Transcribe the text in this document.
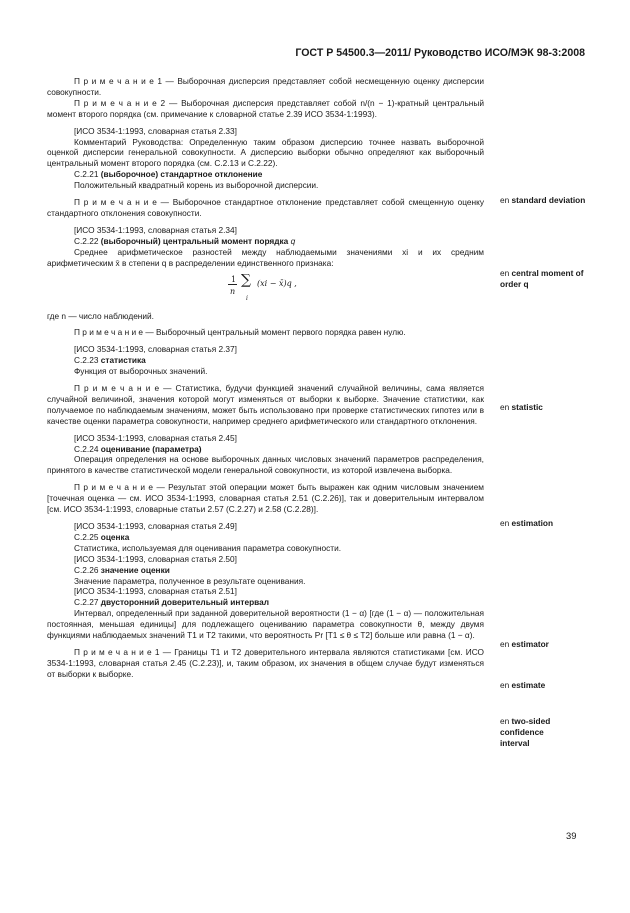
ГОСТ Р 54500.3—2011/ Руководство ИСО/МЭК 98-3:2008

П р и м е ч а н и е 1 — Выборочная дисперсия представляет собой несмещенную оценку дисперсии совокупности.

П р и м е ч а н и е 2 — Выборочная дисперсия представляет собой n/(n − 1)-кратный центральный момент второго порядка (см. примечание к словарной статье 2.39 ИСО 3534-1:1993).

[ИСО 3534-1:1993, словарная статья 2.33]

Комментарий Руководства: Определенную таким образом дисперсию точнее назвать выборочной оценкой дисперсии генеральной совокупности. А дисперсию выборки обычно определяют как выборочный центральный момент второго порядка (см. С.2.13 и С.2.22).

С.2.21 (выборочное) стандартное отклонение

Положительный квадратный корень из выборочной дисперсии.

П р и м е ч а н и е — Выборочное стандартное отклонение представляет собой смещенную оценку стандартного отклонения совокупности.

[ИСО 3534-1:1993, словарная статья 2.34]

С.2.22 (выборочный) центральный момент порядка q

Среднее арифметическое разностей между наблюдаемыми значениями xi и их средним арифметическим x̄ в степени q в распределении единственного признака:

1
n
∑
i
(xi − x̄)q ,

где n — число наблюдений.

П р и м е ч а н и е — Выборочный центральный момент первого порядка равен нулю.

[ИСО 3534-1:1993, словарная статья 2.37]

С.2.23 статистика

Функция от выборочных значений.

П р и м е ч а н и е — Статистика, будучи функцией значений случайной величины, сама является случайной величиной, значения которой могут изменяться от выборки к выборке. Значение статистики, как получаемое по наблюдаемым значениям, может быть использовано при проверке статистических гипотез или в качестве оценки параметра совокупности, например среднего арифметического или стандартного отклонения.

[ИСО 3534-1:1993, словарная статья 2.45]

С.2.24 оценивание (параметра)

Операция определения на основе выборочных данных числовых значений параметров распределения, принятого в качестве статистической модели генеральной совокупности, из которой извлечена выборка.

П р и м е ч а н и е — Результат этой операции может быть выражен как одним числовым значением [точечная оценка — см. ИСО 3534-1:1993, словарная статья 2.51 (С.2.26)], так и доверительным интервалом [см. ИСО 3534-1:1993, словарные статьи 2.57 (С.2.27) и 2.58 (С.2.28)].

[ИСО 3534-1:1993, словарная статья 2.49]

С.2.25 оценка

Статистика, используемая для оценивания параметра совокупности.

[ИСО 3534-1:1993, словарная статья 2.50]

С.2.26 значение оценки

Значение параметра, полученное в результате оценивания.

[ИСО 3534-1:1993, словарная статья 2.51]

С.2.27 двусторонний доверительный интервал

Интервал, определенный при заданной доверительной вероятности (1 − α) [где (1 − α) — положительная постоянная, меньшая единицы] для подлежащего оцениванию параметра совокупности θ, между двумя функциями наблюдаемых значений T1 и T2 такими, что вероятность Pr [T1 ≤ θ ≤ T2] больше или равна (1 − α).

П р и м е ч а н и е 1 — Границы T1 и T2 доверительного интервала являются статистиками [см. ИСО 3534-1:1993, словарная статья 2.45 (С.2.23)], и, таким образом, их значения в общем случае будут изменяться от выборки к выборке.

en standard deviation
en central moment of order q
en statistic
en estimation
en estimator
en estimate
en two-sided confidence interval
39
